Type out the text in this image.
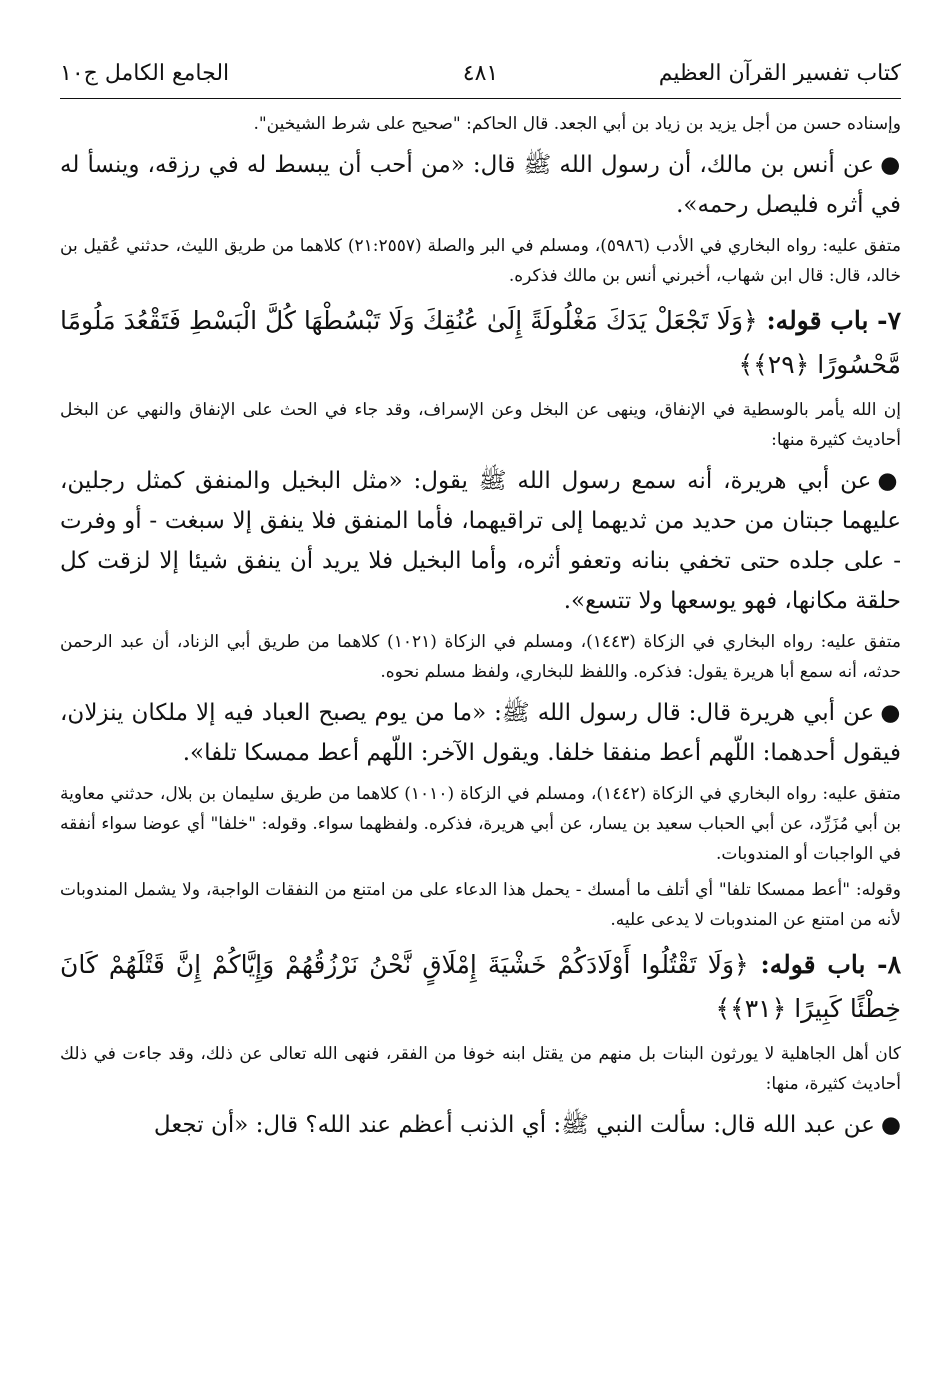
كتاب تفسير القرآن العظيم
٤٨١
الجامع الكامل ج١٠

وإسناده حسن من أجل يزيد بن زياد بن أبي الجعد. قال الحاكم: "صحيح على شرط الشيخين".

●عن أنس بن مالك، أن رسول الله ﷺ قال: «من أحب أن يبسط له في رزقه، وينسأ له في أثره فليصل رحمه».

متفق عليه: رواه البخاري في الأدب (٥٩٨٦)، ومسلم في البر والصلة (٢١:٢٥٥٧) كلاهما من طريق الليث، حدثني عُقيل بن خالد، قال: قال ابن شهاب، أخبرني أنس بن مالك فذكره.

٧- باب قوله: ﴿وَلَا تَجْعَلْ يَدَكَ مَغْلُولَةً إِلَىٰ عُنُقِكَ وَلَا تَبْسُطْهَا كُلَّ الْبَسْطِ فَتَقْعُدَ مَلُومًا مَّحْسُورًا ﴿٢٩﴾﴾

إن الله يأمر بالوسطية في الإنفاق، وينهى عن البخل وعن الإسراف، وقد جاء في الحث على الإنفاق والنهي عن البخل أحاديث كثيرة منها:

●عن أبي هريرة، أنه سمع رسول الله ﷺ يقول: «مثل البخيل والمنفق كمثل رجلين، عليهما جبتان من حديد من ثديهما إلى تراقيهما، فأما المنفق فلا ينفق إلا سبغت - أو وفرت - على جلده حتى تخفي بنانه وتعفو أثره، وأما البخيل فلا يريد أن ينفق شيئا إلا لزقت كل حلقة مكانها، فهو يوسعها ولا تتسع».

متفق عليه: رواه البخاري في الزكاة (١٤٤٣)، ومسلم في الزكاة (١٠٢١) كلاهما من طريق أبي الزناد، أن عبد الرحمن حدثه، أنه سمع أبا هريرة يقول: فذكره. واللفظ للبخاري، ولفظ مسلم نحوه.

●عن أبي هريرة قال: قال رسول الله ﷺ: «ما من يوم يصبح العباد فيه إلا ملكان ينزلان، فيقول أحدهما: اللّهم أعط منفقا خلفا. ويقول الآخر: اللّهم أعط ممسكا تلفا».

متفق عليه: رواه البخاري في الزكاة (١٤٤٢)، ومسلم في الزكاة (١٠١٠) كلاهما من طريق سليمان بن بلال، حدثني معاوية بن أبي مُزَرِّد، عن أبي الحباب سعيد بن يسار، عن أبي هريرة، فذكره. ولفظهما سواء. وقوله: "خلفا" أي عوضا سواء أنفقه في الواجبات أو المندوبات.

وقوله: "أعط ممسكا تلفا" أي أتلف ما أمسك - يحمل هذا الدعاء على من امتنع من النفقات الواجبة، ولا يشمل المندوبات لأنه من امتنع عن المندوبات لا يدعى عليه.

٨- باب قوله: ﴿وَلَا تَقْتُلُوا أَوْلَادَكُمْ خَشْيَةَ إِمْلَاقٍ نَّحْنُ نَرْزُقُهُمْ وَإِيَّاكُمْ إِنَّ قَتْلَهُمْ كَانَ خِطْئًا كَبِيرًا ﴿٣١﴾﴾

كان أهل الجاهلية لا يورثون البنات بل منهم من يقتل ابنه خوفا من الفقر، فنهى الله تعالى عن ذلك، وقد جاءت في ذلك أحاديث كثيرة، منها:

●عن عبد الله قال: سألت النبي ﷺ: أي الذنب أعظم عند الله؟ قال: «أن تجعل
